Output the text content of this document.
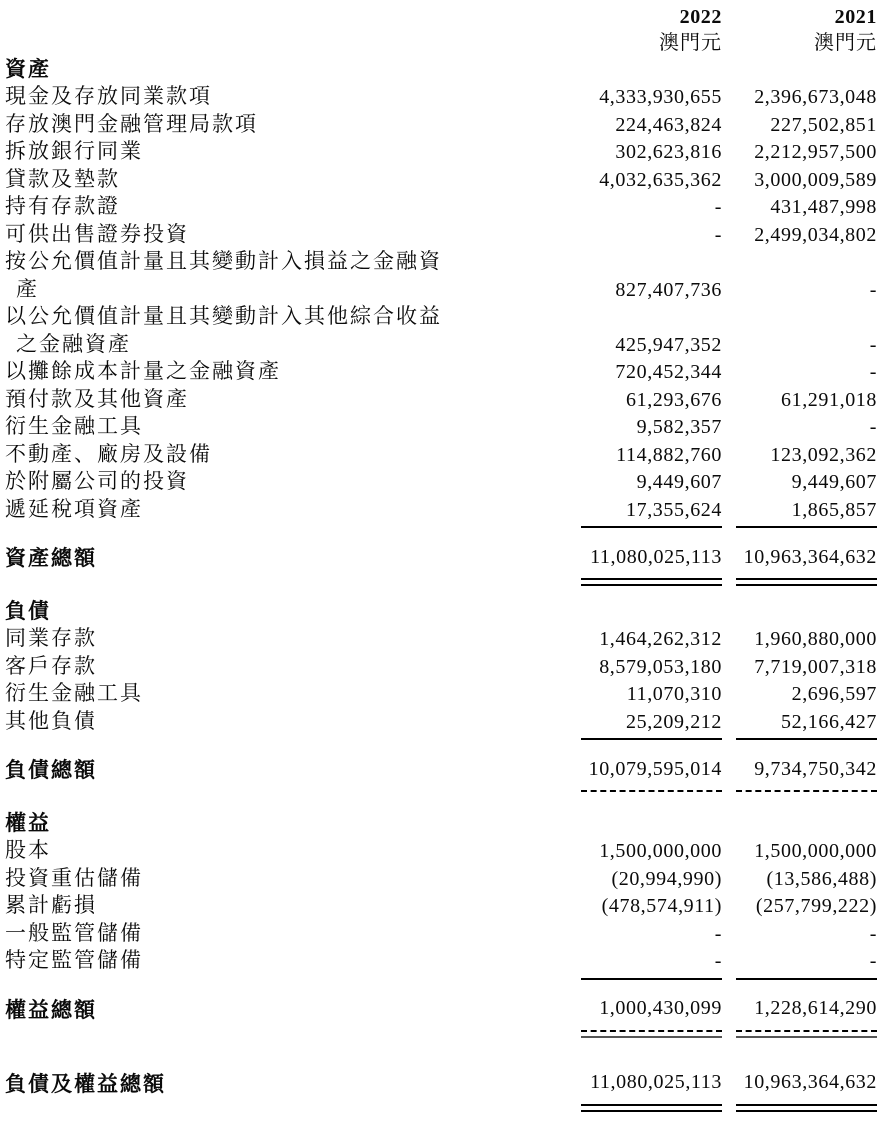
2022	2021
澳門元	澳門元
資產
現金及存放同業款項	4,333,930,655	2,396,673,048
存放澳門金融管理局款項	224,463,824	227,502,851
拆放銀行同業	302,623,816	2,212,957,500
貸款及墊款	4,032,635,362	3,000,009,589
持有存款證	-	431,487,998
可供出售證券投資	-	2,499,034,802
按公允價值計量且其變動計入損益之金融資
產	827,407,736	-
以公允價值計量且其變動計入其他綜合收益
之金融資產	425,947,352	-
以攤餘成本計量之金融資產	720,452,344	-
預付款及其他資產	61,293,676	61,291,018
衍生金融工具	9,582,357	-
不動產、廠房及設備	114,882,760	123,092,362
於附屬公司的投資	9,449,607	9,449,607
遞延稅項資產	17,355,624	1,865,857
資產總額	11,080,025,113	10,963,364,632
負債
同業存款	1,464,262,312	1,960,880,000
客戶存款	8,579,053,180	7,719,007,318
衍生金融工具	11,070,310	2,696,597
其他負債	25,209,212	52,166,427
負債總額	10,079,595,014	9,734,750,342
權益
股本	1,500,000,000	1,500,000,000
投資重估儲備	(20,994,990)	(13,586,488)
累計虧損	(478,574,911)	(257,799,222)
一般監管儲備	-	-
特定監管儲備	-	-
權益總額	1,000,430,099	1,228,614,290
負債及權益總額	11,080,025,113	10,963,364,632
